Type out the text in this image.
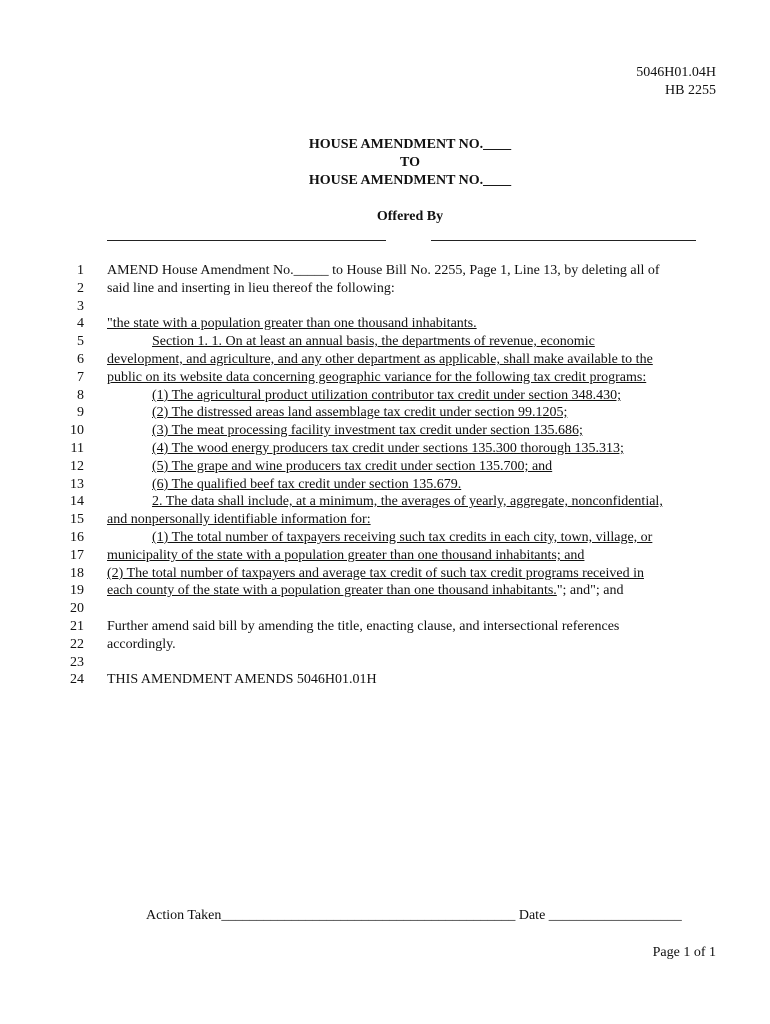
5046H01.04H
HB 2255
HOUSE AMENDMENT NO.____
TO
HOUSE AMENDMENT NO.____
Offered By
1 AMEND House Amendment No._____ to House Bill No. 2255, Page 1, Line 13, by deleting all of
2 said line and inserting in lieu thereof the following:
3
4 "the state with a population greater than one thousand inhabitants.
5	Section 1. 1. On at least an annual basis, the departments of revenue, economic
6 development, and agriculture, and any other department as applicable, shall make available to the
7 public on its website data concerning geographic variance for the following tax credit programs:
8	(1) The agricultural product utilization contributor tax credit under section 348.430;
9	(2) The distressed areas land assemblage tax credit under section 99.1205;
10	(3) The meat processing facility investment tax credit under section 135.686;
11	(4) The wood energy producers tax credit under sections 135.300 thorough 135.313;
12	(5) The grape and wine producers tax credit under section 135.700; and
13	(6) The qualified beef tax credit under section 135.679.
14	2. The data shall include, at a minimum, the averages of yearly, aggregate, nonconfidential,
15 and nonpersonally identifiable information for:
16	(1) The total number of taxpayers receiving such tax credits in each city, town, village, or
17 municipality of the state with a population greater than one thousand inhabitants; and
18 (2) The total number of taxpayers and average tax credit of such tax credit programs received in
19 each county of the state with a population greater than one thousand inhabitants."; and"; and
20
21 Further amend said bill by amending the title, enacting clause, and intersectional references
22 accordingly.
23
24 THIS AMENDMENT AMENDS 5046H01.01H
Action Taken__________________________________________ Date ___________________
Page 1 of 1
